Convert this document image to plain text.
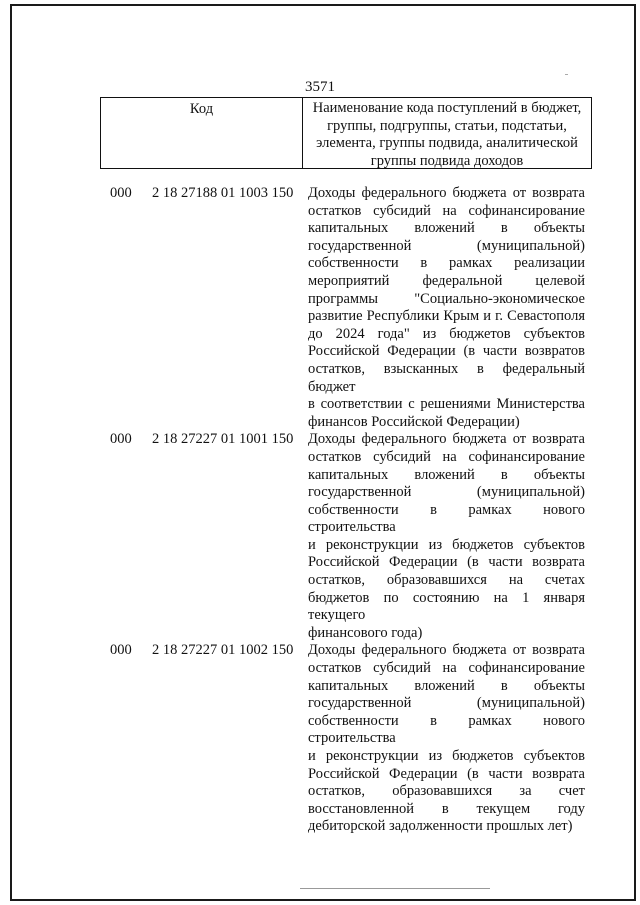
3571
Код	Наименование кода поступлений в бюджет,
группы, подгруппы, статьи, подстатьи,
элемента, группы подвида, аналитической
группы подвида доходов
000 2 18 27188 01 1003 150 Доходы федерального бюджета от возврата
остатков субсидий на софинансирование
капитальных вложений в объекты
государственной (муниципальной)
собственности в рамках реализации
мероприятий федеральной целевой
программы "Социально-экономическое
развитие Республики Крым и г. Севастополя
до 2024 года" из бюджетов субъектов
Российской Федерации (в части возвратов
остатков, взысканных в федеральный бюджет
в соответствии с решениями Министерства
финансов Российской Федерации)
000 2 18 27227 01 1001 150 Доходы федерального бюджета от возврата
остатков субсидий на софинансирование
капитальных вложений в объекты
государственной (муниципальной)
собственности в рамках нового строительства
и реконструкции из бюджетов субъектов
Российской Федерации (в части возврата
остатков, образовавшихся на счетах
бюджетов по состоянию на 1 января текущего
финансового года)
000 2 18 27227 01 1002 150 Доходы федерального бюджета от возврата
остатков субсидий на софинансирование
капитальных вложений в объекты
государственной (муниципальной)
собственности в рамках нового строительства
и реконструкции из бюджетов субъектов
Российской Федерации (в части возврата
остатков, образовавшихся за счет
восстановленной в текущем году
дебиторской задолженности прошлых лет)
